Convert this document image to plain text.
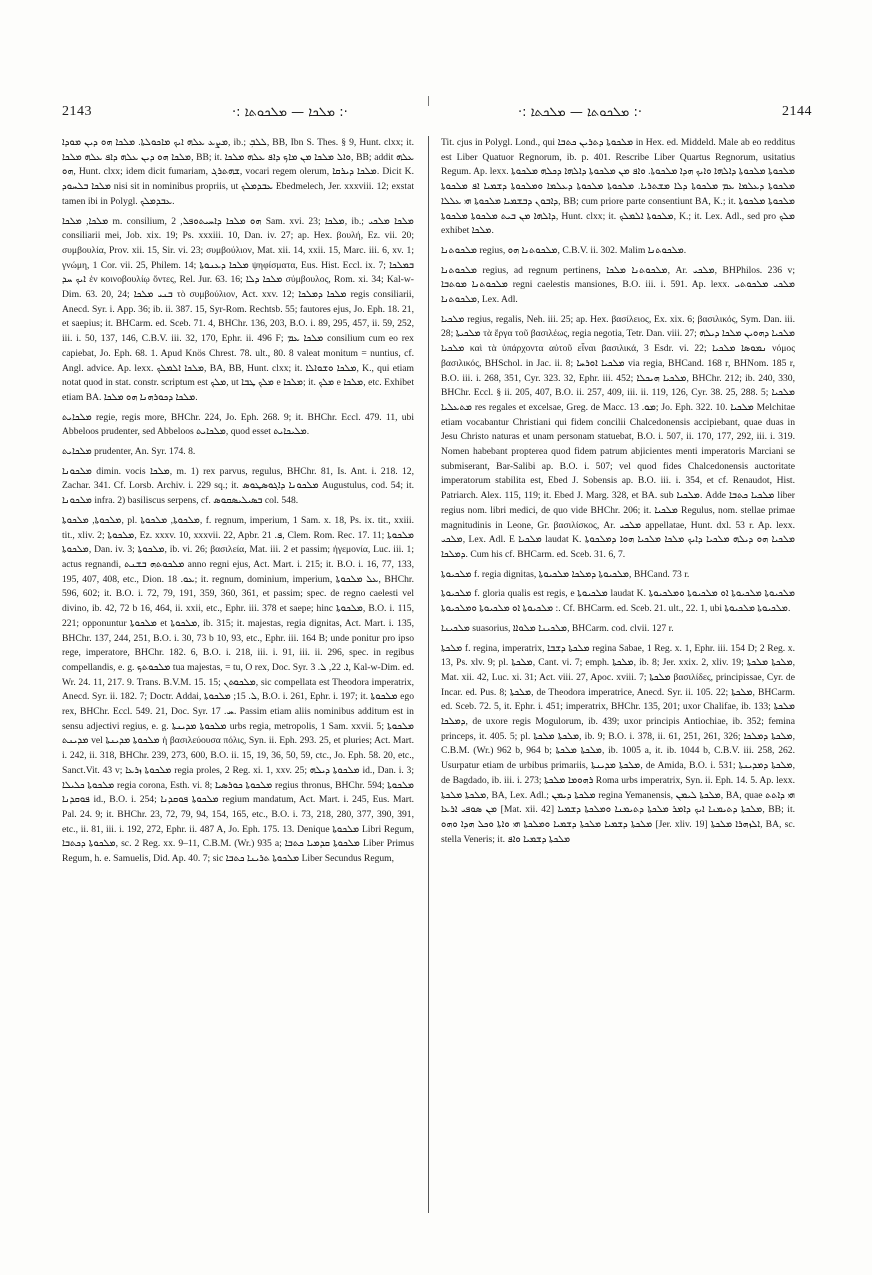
2143	·: ܡܠܟܐ — ܡܠܟܘܬܐ :·	·: ܡܠܟܘܬܐ — ܡܠܟܬܐ :·	2144

ܡܨܥ ܥܠܗ ܐܝܟ ܡܐܟܘܠܬܐ. ܡܠܟܐ ܗܘ ܕܝܢ ܡܘܕܐ, ib.; ܠܠܒܼ, BB, Ibn S. Thes. § 9, Hunt. clxx; it. ܡܠܟܐ ܗܘ ܕܝܢ ܥܠܗ ܕܐܦ ܥܠܗ ܡܠܟܐ, BB; it. ܘܐܠ ܡܠܟܐ ܡܢ ܡܐܟ ܕܐܦ ܥܠܗ ܡܠܟܐ, BB; addit ܥܠܗ ܗܘ, Hunt. clxx; idem dicit fumariam, ܫܗܬܪܓ, vocari regem olerum, ܡܠܟܐ ܕܝܪܩܐ. Dicit K. ܡܠܟܐ ܒܠܚܘܕ nisi sit in nominibus propriis, ut ܥܒܕܡܠܟ Ebedmelech, Jer. xxxviii. 12; exstat tamen ibi in Polygl. ܥܒܕܡܠܟ.

ܡܠܟܐ, ܡܠܟܐ m. consilium, ܗܘ ܡܠܟܐ ܕܐܚܝܬܘܦܠ, 2 Sam. xvi. 23; ܡܠܟܐ, ib.; ܡܠܟܐ ܡܠܟܝ consiliarii mei, Job. xix. 19; Ps. xxxiii. 10, Dan. iv. 27; ap. Hex. βουλή, Ez. vii. 20; συμβουλία, Prov. xii. 15, Sir. vi. 23; συμβούλιον, Mat. xii. 14, xxii. 15, Marc. iii. 6, xv. 1; γνώμη, 1 Cor. vii. 25, Philem. 14; ܡܠܟܐ ܕܥܢܘܬܐ ψηφίσματα, Eus. Hist. Eccl. ix. 7; ܒܡܠܟܐ ܐܝܟ ܚܕ ἐν κοινοβουλίῳ ὄντες, Rel. Jur. 63. 16; ܡܠܟܐ ܕܠܐ σύμβουλος, Rom. xi. 34; Kal-w-Dim. 63. 20, 24; ܒܢܝ ܡܠܟܐ τὸ συμβούλιον, Act. xxv. 12; ܡܠܟܐ ܕܡܠܟܐ regis consiliarii, Anecd. Syr. i. App. 36; ib. ii. 387. 15, Syr-Rom. Rechtsb. 55; fautores ejus, Jo. Eph. 18. 21, et saepius; it. BHCarm. ed. Sceb. 71. 4, BHChr. 136, 203, B.O. i. 89, 295, 457, ii. 59, 252, iii. i. 50, 137, 146, C.B.V. iii. 32, 170, Ephr. ii. 496 F; ܡܠܟܐ ܥܡ consilium cum eo rex capiebat, Jo. Eph. 68. 1. Apud Knös Chrest. 78. ult., 80. 8 valeat monitum = nuntius, cf. Angl. advice. Ap. lexx. ܡܠܟܐ ܐܠܡܠܟ, BA, BB, Hunt. clxx; it. ܡܠܟܐ ܘܫܘܐܠܐ, K., qui etiam notat quod in stat. constr. scriptum est ܡܠܟ, ut ܡܠܟ ܛܒܐ e ܡܠܟܐ; it. ܡܠܟ e ܡܠܟܐ, etc. Exhibet etiam BA. ܡܠܟܐ ܕܟܘܪܗܢܐ ܗܘ ܡܠܟܐ.

ܡܠܟܐܝܬ regie, regis more, BHChr. 224, Jo. Eph. 268. 9; it. BHChr. Eccl. 479. 11, ubi Abbeloos prudenter, sed Abbeloos ܡܠܟܐܝܬ, quod esset ܡܠܝܟܐܝܬ.

ܡܠܟܐܝܬ prudenter, An. Syr. 174. 8.

ܡܠܟܘܢܐ dimin. vocis ܡܠܟܐ, m. 1) rex parvus, regulus, BHChr. 81, Is. Ant. i. 218. 12, Zachar. 341. Cf. Lorsb. Archiv. i. 229 sq.; it. ܡܠܟܘܢܐ ܕܐܓܘܣܛܘܣ Augustulus, cod. 54; it. ܡܠܟܘܢܐ infra. 2) basiliscus serpens, cf. ܒܣܝܠܝܣܩܘܣ col. 548.

ܡܠܟܘܬܐ, ܡܠܟܘܬܐ, pl. ܡܠܟܘܬܐ, ܡܠܟܘܬܐ, f. regnum, imperium, 1 Sam. x. 18, Ps. ix. tit., xxiii. tit., xliv. 2; ܡܠܟܘܬܐ, Ez. xxxv. 10, xxxvii. 22, Apbr. ܦ. 21, Clem. Rom. Rec. 17. 11; ܡܠܟܘܬܐ ܡܠܟܘܬܐ, Dan. iv. 3; ܡܠܟܘܬܐ, ib. vi. 26; βασιλεία, Mat. iii. 2 et passim; ἡγεμονία, Luc. iii. 1; actus regnandi, ܡܠܟܘܬܗ ܒܫܢܬ anno regni ejus, Act. Mart. i. 215; it. B.O. i. 16, 77, 133, 195, 407, 408, etc., Dion. ܥܘ. 18; it. regnum, dominium, imperium, ܥܠ ܡܠܟܘܬܐ, BHChr. 596, 602; it. B.O. i. 72, 79, 191, 359, 360, 361, et passim; spec. de regno caelesti vel divino, ib. 42, 72 b 16, 464, ii. xxii, etc., Ephr. iii. 378 et saepe; hinc ܡܠܟܘܬܐ, B.O. i. 115, 221; opponuntur ܡܠܟܘܬܐ et ܡܠܟܘܬܐ, ib. 315; it. majestas, regia dignitas, Act. Mart. i. 135, BHChr. 137, 244, 251, B.O. i. 30, 73 b 10, 93, etc., Ephr. iii. 164 B; unde ponitur pro ipso rege, imperatore, BHChr. 182. 6, B.O. i. 218, iii. i. 91, iii. ii. 296, spec. in regibus compellandis, e. g. ܡܠܟܘܬܟ tua majestas, = tu, O rex, Doc. Syr. ܐ. 22, ܠ. 3, Kal-w-Dim. ed. Wr. 24. 11, 217. 9. Trans. B.V.M. 15. 15; ܡܠܟܘܬܢ, sic compellata est Theodora imperatrix, Anecd. Syr. ii. 182. 7; Doctr. Addai, ܠ. 15; ܡܠܟܘܬܐ, B.O. i. 261, Ephr. i. 197; it. ܡܠܟܘܬܐ ego rex, BHChr. Eccl. 549. 21, Doc. Syr. ܚ. 17. Passim etiam aliis nominibus additum est in sensu adjectivi regius, e. g. ܡܠܟܘܬܐ ܡܕܝܢܬܐ urbs regia, metropolis, 1 Sam. xxvii. 5; ܡܠܟܘܬܐ ܡܕܝܢܬ vel ܡܠܟܘܬܐ ܡܕܝܢܬܐ ἡ βασιλεύουσα πόλις, Syn. ii. Eph. 293. 25, et pluries; Act. Mart. i. 242, ii. 318, BHChr. 239, 273, 600, B.O. ii. 15, 19, 36, 50, 59, ctc., Jo. Eph. 58. 20, etc., Sanct.Vit. 43 v; ܡܠܟܘܬܐ ܙܪܥܐ regia proles, 2 Reg. xi. 1, xxv. 25; ܡܠܟܘܬܐ ܕܝܠܗ id., Dan. i. 3; ܡܠܟܘܬܐ ܟܠܝܠܐ regia corona, Esth. vi. 8; ܡܠܟܘܬܐ ܟܘܪܣܝܐ regius thronus, BHChr. 594; ܡܠܟܘܬܐ ܦܘܩܕܢܐ id., B.O. i. 254; ܡܠܟܘܬܐ ܦܘܩܕܢܐ regium mandatum, Act. Mart. i. 245, Eus. Mart. Pal. 24. 9; it. BHChr. 23, 72, 79, 94, 154, 165, etc., B.O. i. 73, 218, 280, 377, 390, 391, etc., ii. 81, iii. i. 192, 272, Ephr. ii. 487 A, Jo. Eph. 175. 13. Denique ܡܠܟܘܬܐ Libri Regum, ܡܠܟܘܬܐ ܕܟܬܒܐ, sc. 2 Reg. xx. 9–11, C.B.M. (Wr.) 935 a; ܡܠܟܘܬܐ ܩܕܡܝܐ ܟܬܒܐ Liber Primus Regum, h. e. Samuelis, Did. Ap. 40. 7; sic ܡܠܟܘܬܐ ܬܪܝܢܐ ܟܬܒܐ Liber Secundus Regum,

Tit. cjus in Polygl. Lond., qui ܡܠܟܘܬܐ ܕܬܪܝܢ ܟܬܒܐ in Hex. ed. Middeld. Male ab eo redditus est Liber Quatuor Regnorum, ib. p. 401. Rescribe Liber Quartus Regnorum, usitatius Regum. Ap. lexx. ܡܠܟܘܬܐ ܡܠܟܘܬܐ ܕܐܠܗܐ ܘܐܝܟ ܗܕܐ ܡܠܟܘܬܐ. ܘܐܦ ܡܢ ܡܠܟܘܬܐ ܕܐܠܗܐ ܕܟܠܗ ܡܠܟܘܬܐ ܡܠܟܘܬܐ ܕܥܠܡܐ ܥܡ ܡܠܟܘܬܐ ܕܠܐ ܡܫܬܪܝܐ. ܡܠܟܘܬܐ ܡܠܟܘܬܐ ܕܥܠܡܐ ܘܡܠܟܘܬܐ ܕܫܡܝܐ ܐܦ ܡܠܟܘܬܐ ܕܐܒܘܢ ܕܒܫܡܝܐ ܡܠܟܘܬܐ ܗܝ ܥܠܠܐ, BB; cum priore parte consentiunt BA, K.; it. ܡܠܟܘܬܐ ܡܠܟܘܬܐ ܕܐܠܗܐ ܡܢ ܒܝܬ ܡܠܟܘܬܐ ܡܠܟܘܬܐ, Hunt. clxx; it. ܡܠܟܘܬܐ ܐܠܡܠܟ, K.; it. Lex. Adl., sed pro ܡܠܟ exhibet ܡܠܟܐ.

ܡܠܟܘܬܢܐ regius, ܡܠܟܘܬܢܐ ܗܘ, C.B.V. ii. 302. Malim ܡܠܟܘܬܢܐ.

ܡܠܟܘܬܢܐ regius, ad regnum pertinens, ܡܠܟܘܬܢܐ ܡܠܟܐ, Ar. ܡܠܟܝ, BHPhilos. 236 v; ܡܠܟܘܬܢܐ ܡܘܬܒܐ regni caelestis mansiones, B.O. iii. i. 591. Ap. lexx. ܡܠܟܝ ܡܠܟܘܬܝ ܡܠܟܘܬܢܐ, Lex. Adl.

ܡܠܟܝܐ regius, regalis, Neh. iii. 25; ap. Hex. βασίλειος, Ex. xix. 6; βασιλικός, Sym. Dan. iii. 28; ܡܠܟܝܬܐ τὰ ἔργα τοῦ βασιλέως, regia negotia, Tetr. Dan. viii. 27; ܡܠܟܝܐ ܕܗܘܝܢ ܡܠܟܐ ܕܝܠܗ ܡܠܟܝܐ καὶ τὰ ὑπάρχοντα αὐτοῦ εἶναι βασιλικά, 3 Esdr. vi. 22; ܢܡܘܣܐ ܡܠܟܝܐ νόμος βασιλικός, BHSchol. in Jac. ii. 8; ܡܠܟܝܐ ܐܘܪܚܐ via regia, BHCand. 168 r, BHNom. 185 r, B.O. iii. i. 268, 351, Cyr. 323. 32, Ephr. iii. 452; ܡܠܟܝܐ ܗܝܟܠܐ, BHChr. 212; ib. 240, 330, BHChr. Eccl. § ii. 205, 407, B.O. ii. 257, 409, iii. ii. 119, 126, Cyr. 38. 25, 288. 5; ܡܠܟܝܐ ܡܬܥܠܝܐ res regales et excelsae, Greg. de Macc. ܡܘ. 13; Jo. Eph. 322. 10. ܡܠܟܝܐ Melchitae etiam vocabantur Christiani qui fidem concilii Chalcedonensis accipiebant, quae duas in Jesu Christo naturas et unam personam statuebat, B.O. i. 507, ii. 170, 177, 292, iii. i. 319. Nomen habebant propterea quod fidem patrum abjicientes menti imperatoris Marciani se submiserant, Bar-Salibi ap. B.O. i. 507; vel quod fides Chalcedonensis auctoritate imperatorum stabilita est, Ebed J. Sobensis ap. B.O. iii. i. 354, et cf. Renaudot, Hist. Patriarch. Alex. 115, 119; it. Ebed J. Marg. 328, et BA. sub ܡܠܟܝܐ. Adde ܡܠܟܝܐ ܟܬܒܐ liber regius nom. libri medici, de quo vide BHChr. 206; it. ܡܠܟܝܐ Regulus, nom. stellae primae magnitudinis in Leone, Gr. βασιλίσκος, Ar. ܡܠܟܝ appellatae, Hunt. dxl. 53 r. Ap. lexx. ܡܠܟܝ, Lex. Adl. E ܡܠܟܝܐ laudat K. ܡܠܟܝܐ ܗܘ ܕܝܠܗ ܡܠܟܝܐ ܕܐܝܟ ܡܠܟܐ ܡܠܟܝܐ ܗܘܐ ܕܡܠܟܘܬܐ ܕܡܠܟܐ. Cum his cf. BHCarm. ed. Sceb. 31. 6, 7.

ܡܠܟܝܘܬܐ f. regia dignitas, ܡܠܟܝܘܬܐ ܕܡܠܟܐ ܡܠܟܝܘܬܐ, BHCand. 73 r.

ܡܠܟܝܘܬܐ f. gloria qualis est regis, e ܡܠܟܝܘܬܐ laudat K. ܡܠܟܝܘܬܐ ܡܠܟܝܘܬܐ ܐܘ ܡܠܟܝܘܬܐ ܘܡܠܟܝܘܬܐ : ܡܠܟܝܘܬܐ ܐܘ ܡܠܟܝܘܬܐ ܘܡܠܟܝܘܬܐ. Cf. BHCarm. ed. Sceb. 21. ult., 22. 1, ubi ܡܠܟܝܘܬܐ ܡܠܟܝܘܬܐ.

ܡܠܟܝܢܐ suasorius, ܡܠܟܝܢܐ ܡܠܘܐܐ, BHCarm. cod. clvii. 127 r.

ܡܠܟܬܐ f. regina, imperatrix, ܡܠܟܬܐ ܕܫܒܐ regina Sabae, 1 Reg. x. 1, Ephr. iii. 154 D; 2 Reg. x. 13, Ps. xlv. 9; pl. ܡܠܟܬܐ, Cant. vi. 7; emph. ܡܠܟܬܐ, ib. 8; Jer. xxix. 2, xliv. 19; ܡܠܟܬܐ ܡܠܟܬܐ, Mat. xii. 42, Luc. xi. 31; Act. viii. 27, Apoc. xviii. 7; ܡܠܟܬܐ βασιλίδες, principissae, Cyr. de Incar. ed. Pus. 8; ܡܠܟܬܐ, de Theodora imperatrice, Anecd. Syr. ii. 105. 22; ܡܠܟܬܐ, BHCarm. ed. Sceb. 72. 5, it. Ephr. i. 451; imperatrix, BHChr. 135, 201; uxor Chalifae, ib. 133; ܡܠܟܬܐ ܕܡܠܟܐ, de uxore regis Mogulorum, ib. 439; uxor principis Antiochiae, ib. 352; femina princeps, it. 405. 5; pl. ܡܠܟܬܐ ܡܠܟܬܐ, ib. 9; B.O. i. 378, ii. 61, 251, 261, 326; ܡܠܟܬܐ ܕܡܠܟܐ, C.B.M. (Wr.) 962 b, 964 b; ܡܠܟܬܐ ܡܠܟܬܐ, ib. 1005 a, it. ib. 1044 b, C.B.V. iii. 258, 262. Usurpatur etiam de urbibus primariis, ܡܠܟܬܐ ܡܕܝܢܬܐ, de Amida, B.O. i. 531; ܡܠܟܬܐ ܕܡܕܝܢܬܐ, de Bagdado, ib. iii. i. 273; ܪܗܘܡܐ ܡܠܟܬܐ Roma urbs imperatrix, Syn. ii. Eph. 14. 5. Ap. lexx. ܡܠܟܬܐ ܡܠܟܬܐ, BA, Lex. Adl.; ܡܠܟܬܐ ܕܝܡܢ regina Yemanensis, ܡܠܟܬܐ ܠܝܡܢ, BA, quae ܗܝ ܕܐܬܬ ܡܢ ܣܘܦܝ ܐܪܥܐ [Mat. xii. 42] ܡܠܟܬܐ ܕܬܝܡܢܐ ܐܝܟ ܕܐܡܪ ܡܠܟܬܐ ܕܬܝܡܢܐ ܘܡܠܟܬܐ ܕܫܡܝܐ, BB; it. ܡܠܟܬܐ ܕܫܡܝܐ ܡܠܟܬܐ ܕܫܡܝܐ ܘܡܠܟܬܐ ܗܝ ܘܐܬܐ ܘܟܠ ܗܕܐ ܘܗܘ [Jer. xliv. 19] ܐܠܙܗܪܐ ܡܠܟܬܐ, BA, sc. stella Veneris; it. ܡܠܟܬܐ ܕܫܡܝܐ ܘܐܦ
